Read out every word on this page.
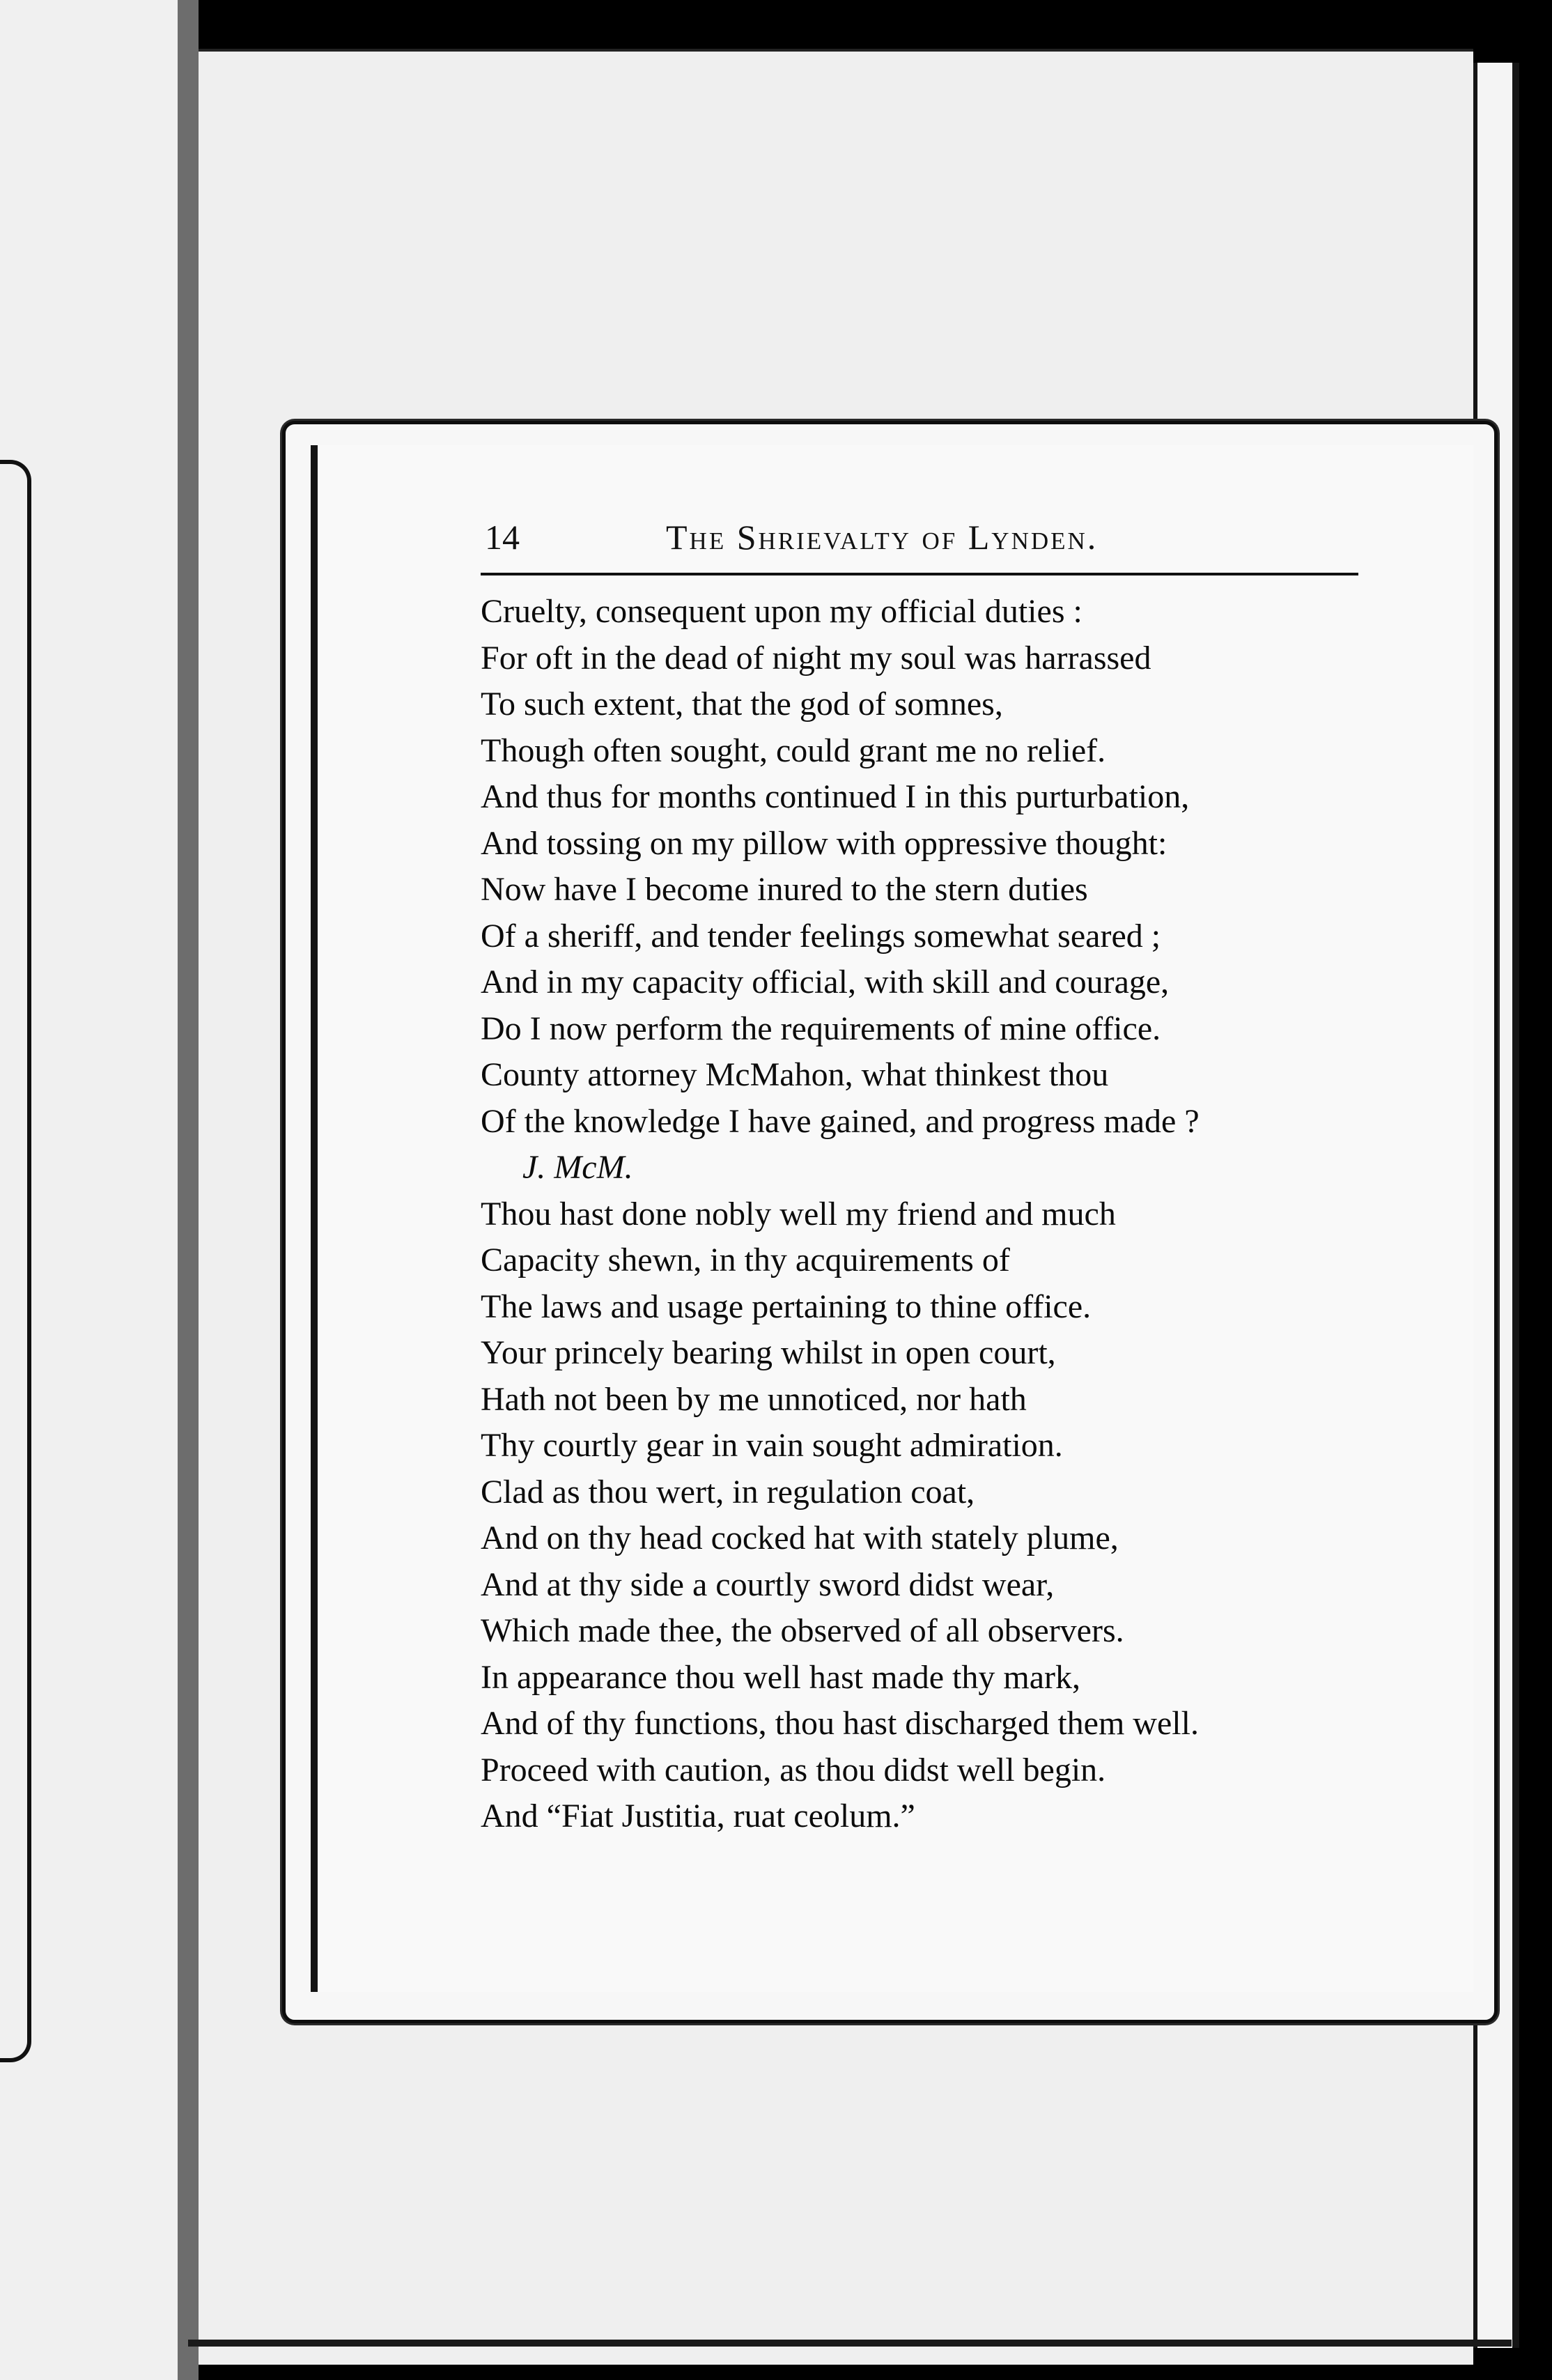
14	The Shrievalty of Lynden.
Cruelty, consequent upon my official duties :
For oft in the dead of night my soul was harrassed
To such extent, that the god of somnes,
Though often sought, could grant me no relief.
And thus for months continued I in this purturbation,
And tossing on my pillow with oppressive thought:
Now have I become inured to the stern duties
Of a sheriff, and tender feelings somewhat seared ;
And in my capacity official, with skill and courage,
Do I now perform the requirements of mine office.
County attorney McMahon, what thinkest thou
Of the knowledge I have gained, and progress made ?
J. McM.
Thou hast done nobly well my friend and much
Capacity shewn, in thy acquirements of
The laws and usage pertaining to thine office.
Your princely bearing whilst in open court,
Hath not been by me unnoticed, nor hath
Thy courtly gear in vain sought admiration.
Clad as thou wert, in regulation coat,
And on thy head cocked hat with stately plume,
And at thy side a courtly sword didst wear,
Which made thee, the observed of all observers.
In appearance thou well hast made thy mark,
And of thy functions, thou hast discharged them well.
Proceed with caution, as thou didst well begin.
And “Fiat Justitia, ruat ceolum.”
